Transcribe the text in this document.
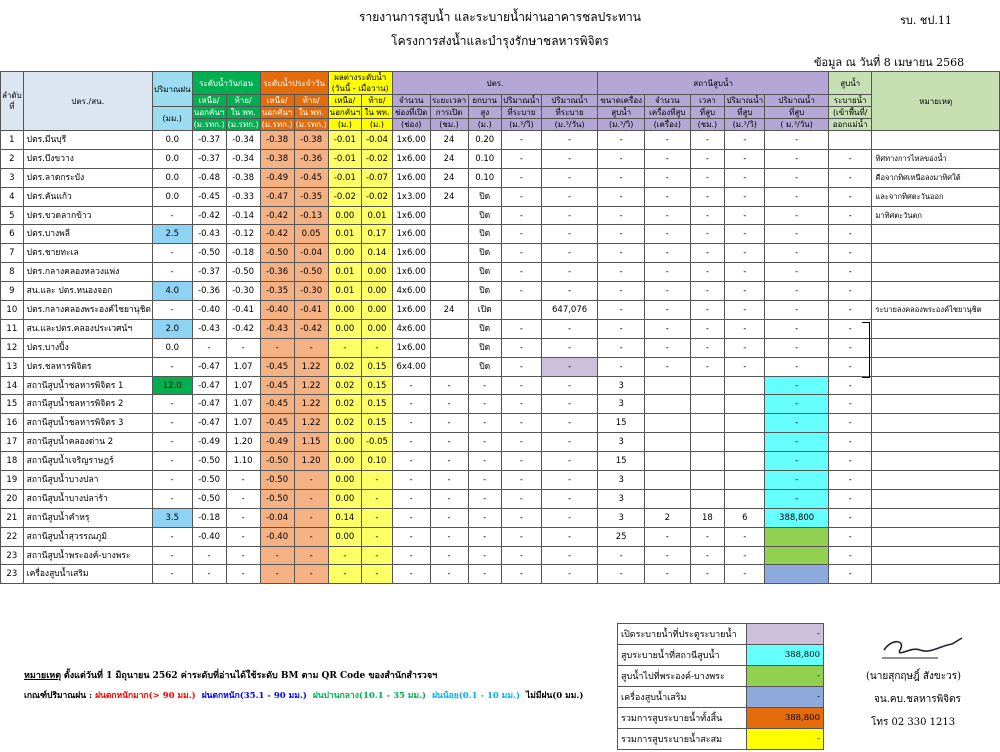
รายงานการสูบน้ำ และระบายน้ำผ่านอาคารชลประทาน
โครงการส่งน้ำและบำรุงรักษาชลหารพิจิตร
รบ. ชป.11
ข้อมูล ณ วันที่ 8 เมษายน 2568
ลำดับที่	ปตร./สน.	ปริมาณฝน	ระดับน้ำวันก่อน		ระดับน้ำประจำวัน		ผลต่างระดับน้ำ (วันนี้ - เมื่อวาน)		ปตร.					สถานีสูบน้ำ					สูบน้ำ	หมายเหตุ
			เหนือ/	ท้าย/	เหนือ/	ท้าย/	เหนือ/	ท้าย/	จำนวน	ระยะเวลา	ยกบาน	ปริมาณน้ำ	ปริมาณน้ำ	ขนาดเครื่อง	จำนวน	เวลา	ปริมาณน้ำ	ปริมาณน้ำ	ระบายน้ำ	
		(มม.)	นอกคันฯ	ใน พท.	นอกคันฯ	ใน พท.	นอกคันฯ	ใน พท.	ช่องที่เปิด	การเปิด	สูง	ที่ระบาย	ที่ระบาย	สูบน้ำ	เครื่องที่สูบ	ที่สูบ	ที่สูบ	ที่สูบ	(เข้าพื้นที่/	
			(ม.รทก.)	(ม.รทก.)	(ม.รทก.)	(ม.รทก.)	(ม.)	(ม.)	(ช่อง)	(ชม.)	(ม.)	(ม.³/วิ)	(ม.³/วัน)	(ม.³/วิ)	(เครื่อง)	(ชม.)	(ม.³/วิ)	( ม.³/วัน)	ออกแม่น้ำ	
1	ปตร.มีนบุรี	0.0	-0.37	-0.34	-0.38	-0.38	-0.01	-0.04	1x6.00	24	0.20	-	-	-	-	-	-	-		
2	ปตร.บึงขวาง	0.0	-0.37	-0.34	-0.38	-0.36	-0.01	-0.02	1x6.00	24	0.10	-	-	-	-	-	-	-	-	ทิศทางการไหลของน้ำ
3	ปตร.ลาดกระบัง	0.0	-0.48	-0.38	-0.49	-0.45	-0.01	-0.07	1x6.00	24	0.10	-	-	-	-	-	-	-	-	คือจากทิศเหนือลงมาทิศใต้
4	ปตร.คันแก้ว	0.0	-0.45	-0.33	-0.47	-0.35	-0.02	-0.02	1x3.00	24	ปิด	-	-	-	-	-	-	-	-	และจากทิศตะวันออก
5	ปตร.ขวดลากข้าว	-	-0.42	-0.14	-0.42	-0.13	0.00	0.01	1x6.00		ปิด	-	-	-	-	-	-	-	-	มาทิศตะวันตก
6	ปตร.บางพลี	2.5	-0.43	-0.12	-0.42	0.05	0.01	0.17	1x6.00		ปิด	-	-	-	-	-	-	-	-	
7	ปตร.ชายทะเล	-	-0.50	-0.18	-0.50	-0.04	0.00	0.14	1x6.00		ปิด	-	-	-	-	-	-	-	-	
8	ปตร.กลางคลองหลวงแพ่ง	-	-0.37	-0.50	-0.36	-0.50	0.01	0.00	1x6.00		ปิด	-	-	-	-	-	-	-	-	
9	สน.และ ปตร.หนองจอก	4.0	-0.36	-0.30	-0.35	-0.30	0.01	0.00	4x6.00		ปิด	-	-	-	-	-	-	-	-	
10	ปตร.กลางคลองพระองค์ไชยานุชิต	-	-0.40	-0.41	-0.40	-0.41	0.00	0.00	1x6.00	24	เปิด		647,076	-	-	-	-	-	-	ระบายลงคลองพระองค์ไชยานุชิต
11	สน.และปตร.คลองประเวศน์ฯ	2.0	-0.43	-0.42	-0.43	-0.42	0.00	0.00	4x6.00		ปิด	-	-	-	-	-	-	-	-	
12	ปตร.บางปิ้ง	0.0	-	-	-	-	-	-	1x6.00		ปิด	-	-	-	-	-	-	-	-	
13	ปตร.ชลหารพิจิตร	-	-0.47	1.07	-0.45	1.22	0.02	0.15	6x4.00		ปิด	-	-	-	-	-	-	-	-	
14	สถานีสูบน้ำชลหารพิจิตร 1	12.0	-0.47	1.07	-0.45	1.22	0.02	0.15	-	-	-	-	-	3				-	-	
15	สถานีสูบน้ำชลหารพิจิตร 2	-	-0.47	1.07	-0.45	1.22	0.02	0.15	-	-	-	-	-	3				-	-	
16	สถานีสูบน้ำชลหารพิจิตร 3	-	-0.47	1.07	-0.45	1.22	0.02	0.15	-	-	-	-	-	15				-	-	
17	สถานีสูบน้ำคลองด่าน 2	-	-0.49	1.20	-0.49	1.15	0.00	-0.05	-	-	-	-	-	3				-	-	
18	สถานีสูบน้ำเจริญราษฎร์	-	-0.50	1.10	-0.50	1.20	0.00	0.10	-	-	-	-	-	15				-	-	
19	สถานีสูบน้ำบางปลา	-	-0.50	-	-0.50	-	0.00	-	-	-	-	-	-	3				-	-	
20	สถานีสูบน้ำบางปลาร้า	-	-0.50	-	-0.50	-	0.00	-	-	-	-	-	-	3				-	-	
21	สถานีสูบน้ำคำหรุ	3.5	-0.18	-	-0.04	-	0.14	-	-	-	-	-	-	3	2	18	6	388,800	-	
22	สถานีสูบน้ำสุวรรณภูมิ	-	-0.40	-	-0.40	-	0.00	-	-	-	-	-	-	25	-	-	-		-	
23	สถานีสูบน้ำพระองค์-บางพระ	-	-	-	-	-	-	-	-	-	-	-	-	-	-	-	-		-	
23	เครื่องสูบน้ำเสริม	-	-	-	-	-	-	-	-	-	-	-	-	-	-	-	-		-	
เปิดระบายน้ำที่ประตูระบายน้ำ	-
สูบระบายน้ำที่สถานีสูบน้ำ	388,800
สูบน้ำไปที่พระองค์-บางพระ	-
เครื่องสูบน้ำเสริม	-
รวมการสูบระบายน้ำทั้งสิ้น	388,800
รวมการสูบระบายน้ำสะสม	-
หมายเหตุ ตั้งแต่วันที่ 1 มิถุนายน 2562 ค่าระดับที่อ่านได้ใช้ระดับ BM ตาม QR Code ของสำนักสำรวจฯ
เกณฑ์ปริมาณฝน : ฝนตกหนักมาก(> 90 มม.) ฝนตกหนัก(35.1 - 90 มม.) ฝนปานกลาง(10.1 - 35 มม.) ฝนน้อย(0.1 - 10 มม.) ไม่มีฝน(0 มม.)
(นายสุกฤษฎิ์ สังขะวร)
จน.คบ.ชลหารพิจิตร
โทร 02 330 1213
